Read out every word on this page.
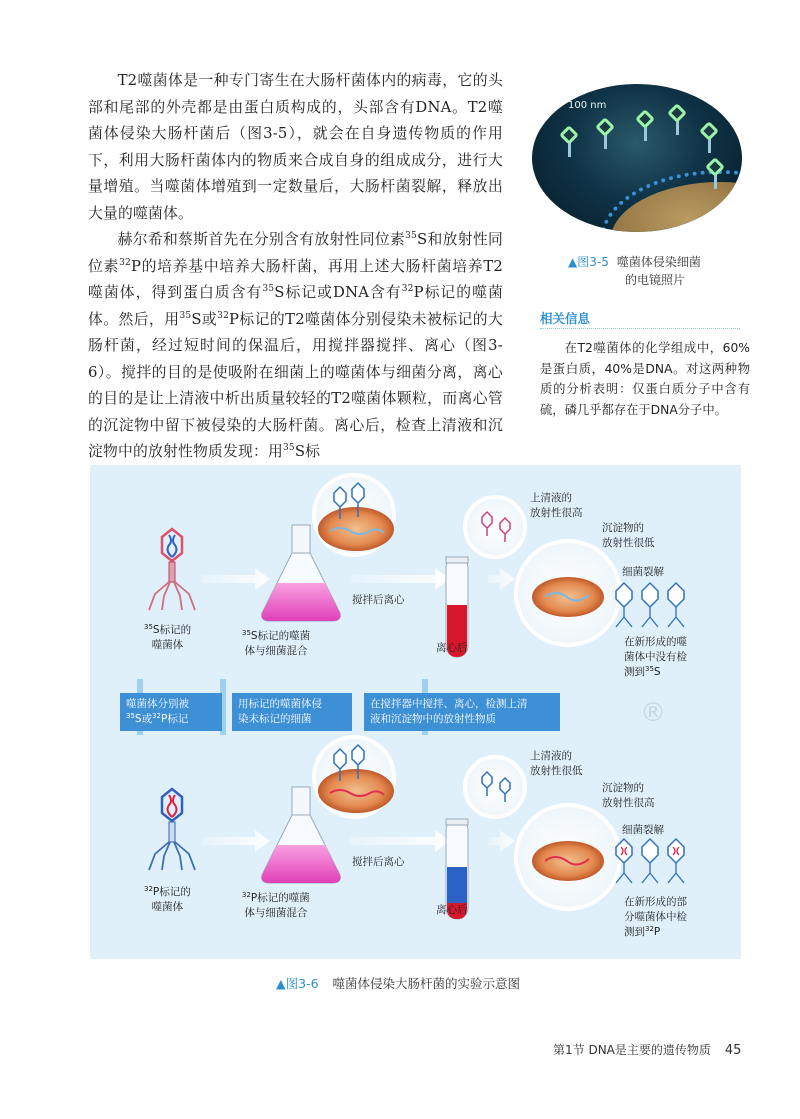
T2噬菌体是一种专门寄生在大肠杆菌体内的病毒，它的头部和尾部的外壳都是由蛋白质构成的，头部含有DNA。T2噬菌体侵染大肠杆菌后（图3-5），就会在自身遗传物质的作用下，利用大肠杆菌体内的物质来合成自身的组成成分，进行大量增殖。当噬菌体增殖到一定数量后，大肠杆菌裂解，释放出大量的噬菌体。

赫尔希和蔡斯首先在分别含有放射性同位素$^{35}$S和放射性同位素$^{32}$P的培养基中培养大肠杆菌，再用上述大肠杆菌培养T2噬菌体，得到蛋白质含有$^{35}$S标记或DNA含有$^{32}$P标记的噬菌体。然后，用$^{35}$S或$^{32}$P标记的T2噬菌体分别侵染未被标记的大肠杆菌，经过短时间的保温后，用搅拌器搅拌、离心（图3-6）。搅拌的目的是使吸附在细菌上的噬菌体与细菌分离，离心的目的是让上清液中析出质量较轻的T2噬菌体颗粒，而离心管的沉淀物中留下被侵染的大肠杆菌。离心后，检查上清液和沉淀物中的放射性物质发现：用$^{35}$S标

100 nm
▲图3-5 噬菌体侵染细菌
的电镜照片
相关信息
在T2噬菌体的化学组成中，60%是蛋白质，40%是DNA。对这两种物质的分析表明：仅蛋白质分子中含有硫，磷几乎都存在于DNA分子中。
$^{35}$S标记的
噬菌体
$^{35}$S标记的噬菌
体与细菌混合
搅拌后离心
离心后
上清液的
放射性很高
沉淀物的
放射性很低
细菌裂解
在新形成的噬
菌体中没有检
测到$^{35}$S
噬菌体分别被
$^{35}$S或$^{32}$P标记
用标记的噬菌体侵
染未标记的细菌
在搅拌器中搅拌、离心，检测上清
液和沉淀物中的放射性物质
$^{32}$P标记的
噬菌体
$^{32}$P标记的噬菌
体与细菌混合
搅拌后离心
离心后
上清液的
放射性很低
沉淀物的
放射性很高
细菌裂解
在新形成的部
分噬菌体中检
测到$^{32}$P
®
▲图3-6 噬菌体侵染大肠杆菌的实验示意图
第1节 DNA是主要的遗传物质 45
